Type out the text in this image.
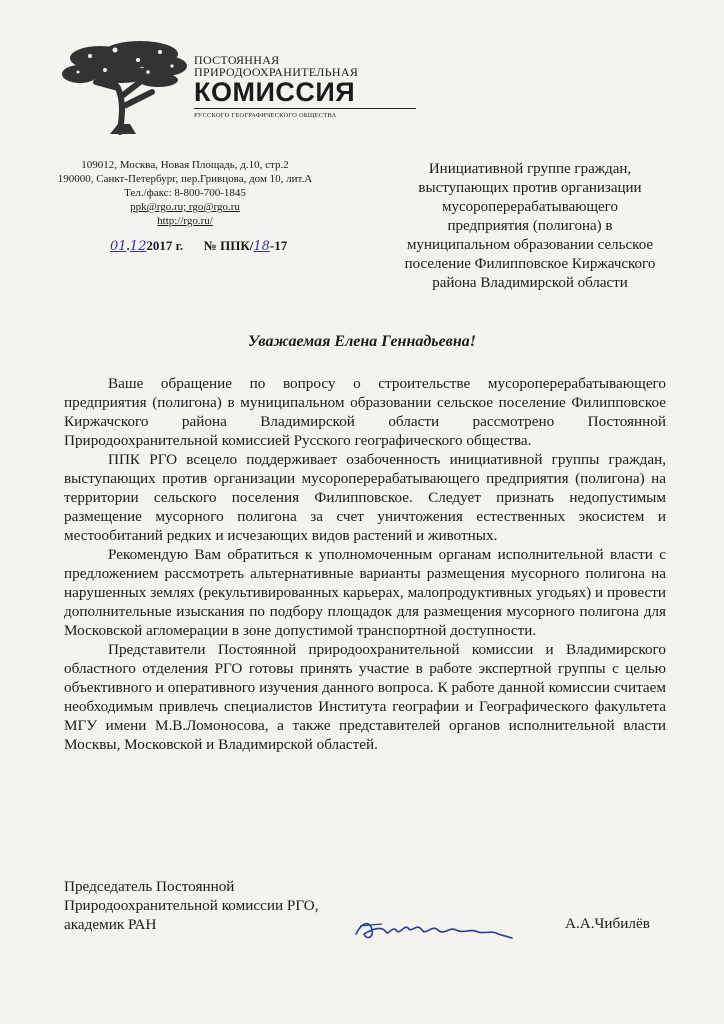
ПОСТОЯННАЯ
ПРИРОДООХРАНИТЕЛЬНАЯ
КОМИССИЯ
РУССКОГО ГЕОГРАФИЧЕСКОГО ОБЩЕСТВА
109012, Москва, Новая Площадь, д.10, стр.2
190000, Санкт-Петербург, пер.Гривцова, дом 10, лит.А
Тел./факс: 8-800-700-1845
ppk@rgo.ru; rgo@rgo.ru
http://rgo.ru/
01.122017 г. № ППК/18-17
Инициативной группе граждан,
выступающих против организации
мусороперерабатывающего
предприятия (полигона) в
муниципальном образовании сельское
поселение Филипповское Киржачского
района Владимирской области
Уважаемая Елена Геннадьевна!

Ваше обращение по вопросу о строительстве мусороперерабатывающего предприятия (полигона) в муниципальном образовании сельское поселение Филипповское Киржачского района Владимирской области рассмотрено Постоянной Природоохранительной комиссией Русского географического общества.

ППК РГО всецело поддерживает озабоченность инициативной группы граждан, выступающих против организации мусороперерабатывающего предприятия (полигона) на территории сельского поселения Филипповское. Следует признать недопустимым размещение мусорного полигона за счет уничтожения естественных экосистем и местообитаний редких и исчезающих видов растений и животных.

Рекомендую Вам обратиться к уполномоченным органам исполнительной власти с предложением рассмотреть альтернативные варианты размещения мусорного полигона на нарушенных землях (рекультивированных карьерах, малопродуктивных угодьях) и провести дополнительные изыскания по подбору площадок для размещения мусорного полигона для Московской агломерации в зоне допустимой транспортной доступности.

Представители Постоянной природоохранительной комиссии и Владимирского областного отделения РГО готовы принять участие в работе экспертной группы с целью объективного и оперативного изучения данного вопроса. К работе данной комиссии считаем необходимым привлечь специалистов Института географии и Географического факультета МГУ имени М.В.Ломоносова, а также представителей органов исполнительной власти Москвы, Московской и Владимирской областей.

Председатель Постоянной
Природоохранительной комиссии РГО,
академик РАН	А.А.Чибилёв
